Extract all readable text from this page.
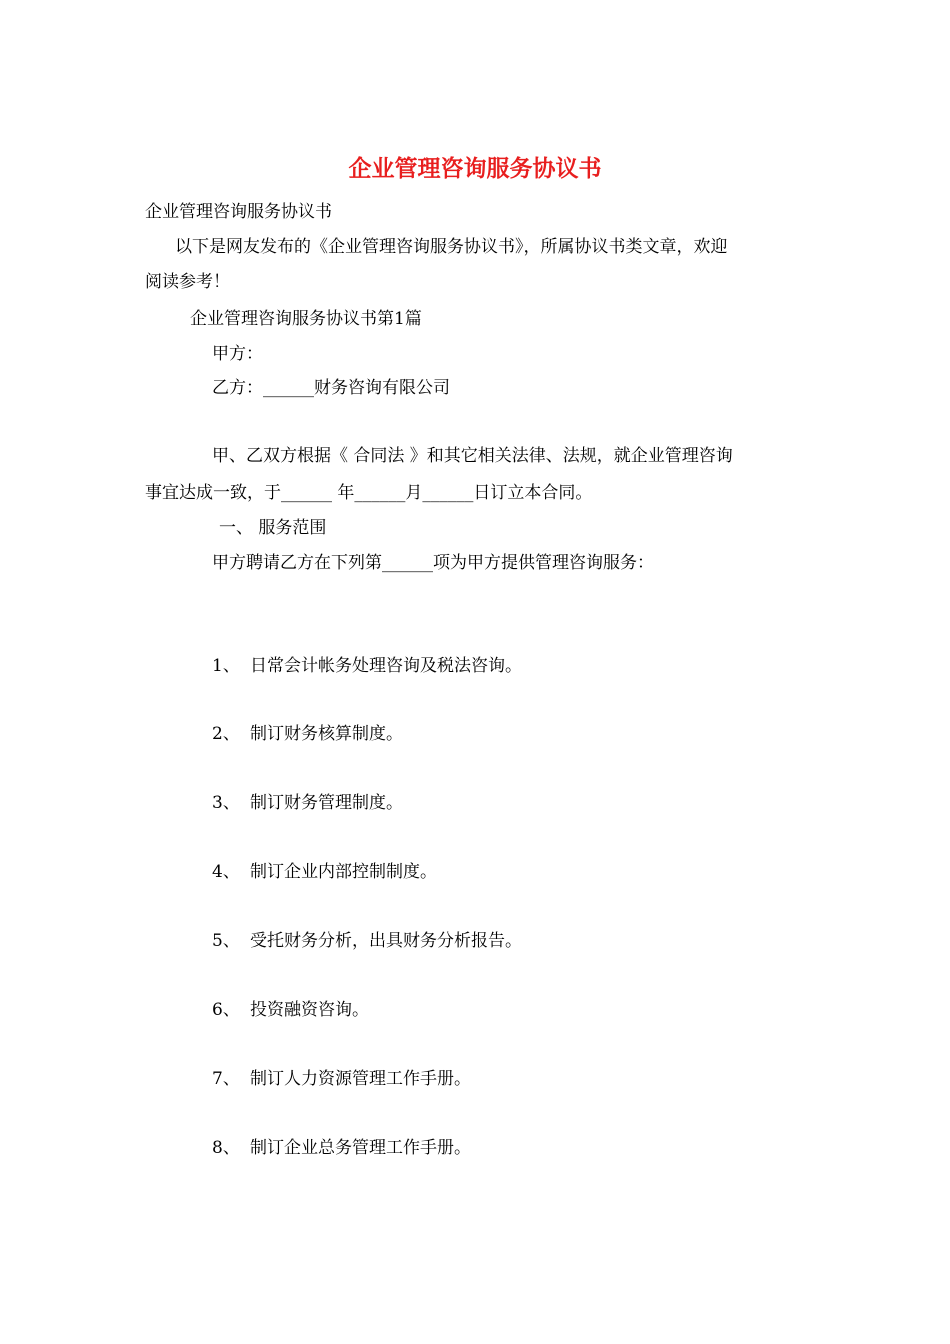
企业管理咨询服务协议书
企业管理咨询服务协议书
以下是网友发布的《企业管理咨询服务协议书》，所属协议书类文章，欢迎
阅读参考！
企业管理咨询服务协议书第1篇
甲方：
乙方：______财务咨询有限公司
甲、乙双方根据《 合同法 》和其它相关法律、法规，就企业管理咨询
事宜达成一致，于______ 年______月______日订立本合同。
一、 服务范围
甲方聘请乙方在下列第______项为甲方提供管理咨询服务：
1、 日常会计帐务处理咨询及税法咨询。
2、 制订财务核算制度。
3、 制订财务管理制度。
4、 制订企业内部控制制度。
5、 受托财务分析，出具财务分析报告。
6、 投资融资咨询。
7、 制订人力资源管理工作手册。
8、 制订企业总务管理工作手册。
